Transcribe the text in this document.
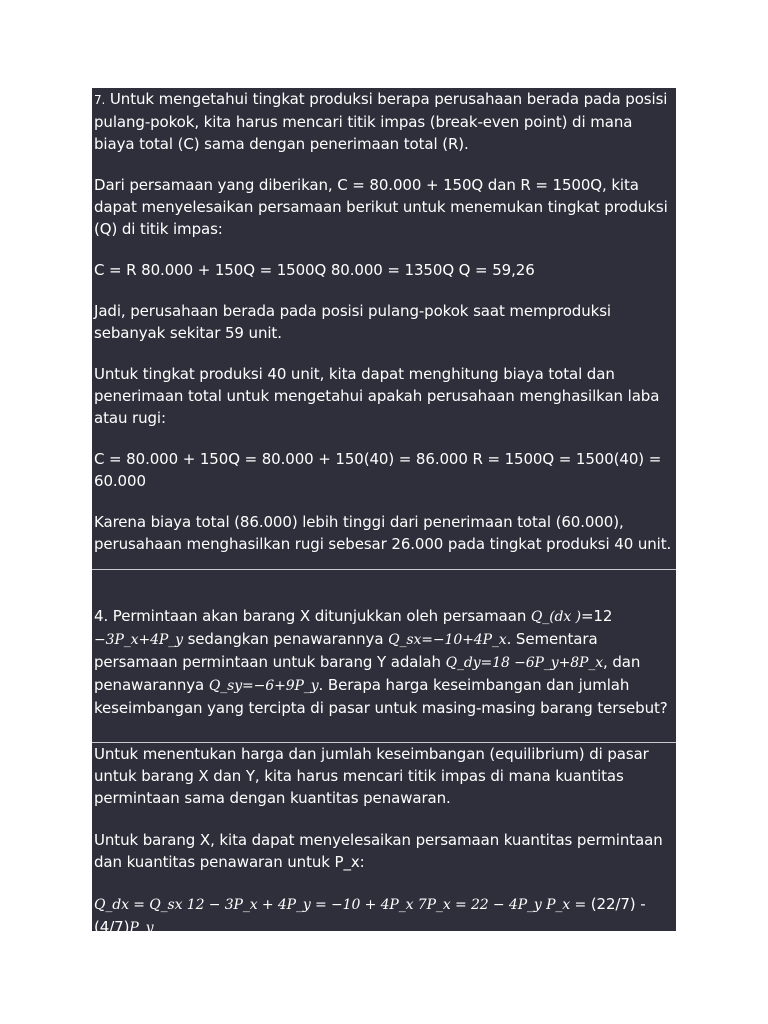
7. Untuk mengetahui tingkat produksi berapa perusahaan berada pada posisi pulang-pokok, kita harus mencari titik impas (break-even point) di mana biaya total (C) sama dengan penerimaan total (R).

Dari persamaan yang diberikan, C = 80.000 + 150Q dan R = 1500Q, kita dapat menyelesaikan persamaan berikut untuk menemukan tingkat produksi (Q) di titik impas:

C = R 80.000 + 150Q = 1500Q 80.000 = 1350Q Q = 59,26

Jadi, perusahaan berada pada posisi pulang-pokok saat memproduksi sebanyak sekitar 59 unit.

Untuk tingkat produksi 40 unit, kita dapat menghitung biaya total dan penerimaan total untuk mengetahui apakah perusahaan menghasilkan laba atau rugi:

C = 80.000 + 150Q = 80.000 + 150(40) = 86.000 R = 1500Q = 1500(40) = 60.000

Karena biaya total (86.000) lebih tinggi dari penerimaan total (60.000), perusahaan menghasilkan rugi sebesar 26.000 pada tingkat produksi 40 unit.

4. Permintaan akan barang X ditunjukkan oleh persamaan Q_(dx )=12 −3P_x+4P_y sedangkan penawarannya Q_sx=−10+4P_x. Sementara persamaan permintaan untuk barang Y adalah Q_dy=18 −6P_y+8P_x, dan penawarannya Q_sy=−6+9P_y. Berapa harga keseimbangan dan jumlah keseimbangan yang tercipta di pasar untuk masing-masing barang tersebut?

Untuk menentukan harga dan jumlah keseimbangan (equilibrium) di pasar untuk barang X dan Y, kita harus mencari titik impas di mana kuantitas permintaan sama dengan kuantitas penawaran.

Untuk barang X, kita dapat menyelesaikan persamaan kuantitas permintaan dan kuantitas penawaran untuk P_x:

Q_dx = Q_sx 12 − 3P_x + 4P_y = −10 + 4P_x 7P_x = 22 − 4P_y P_x = (22/7) - (4/7)P_y
